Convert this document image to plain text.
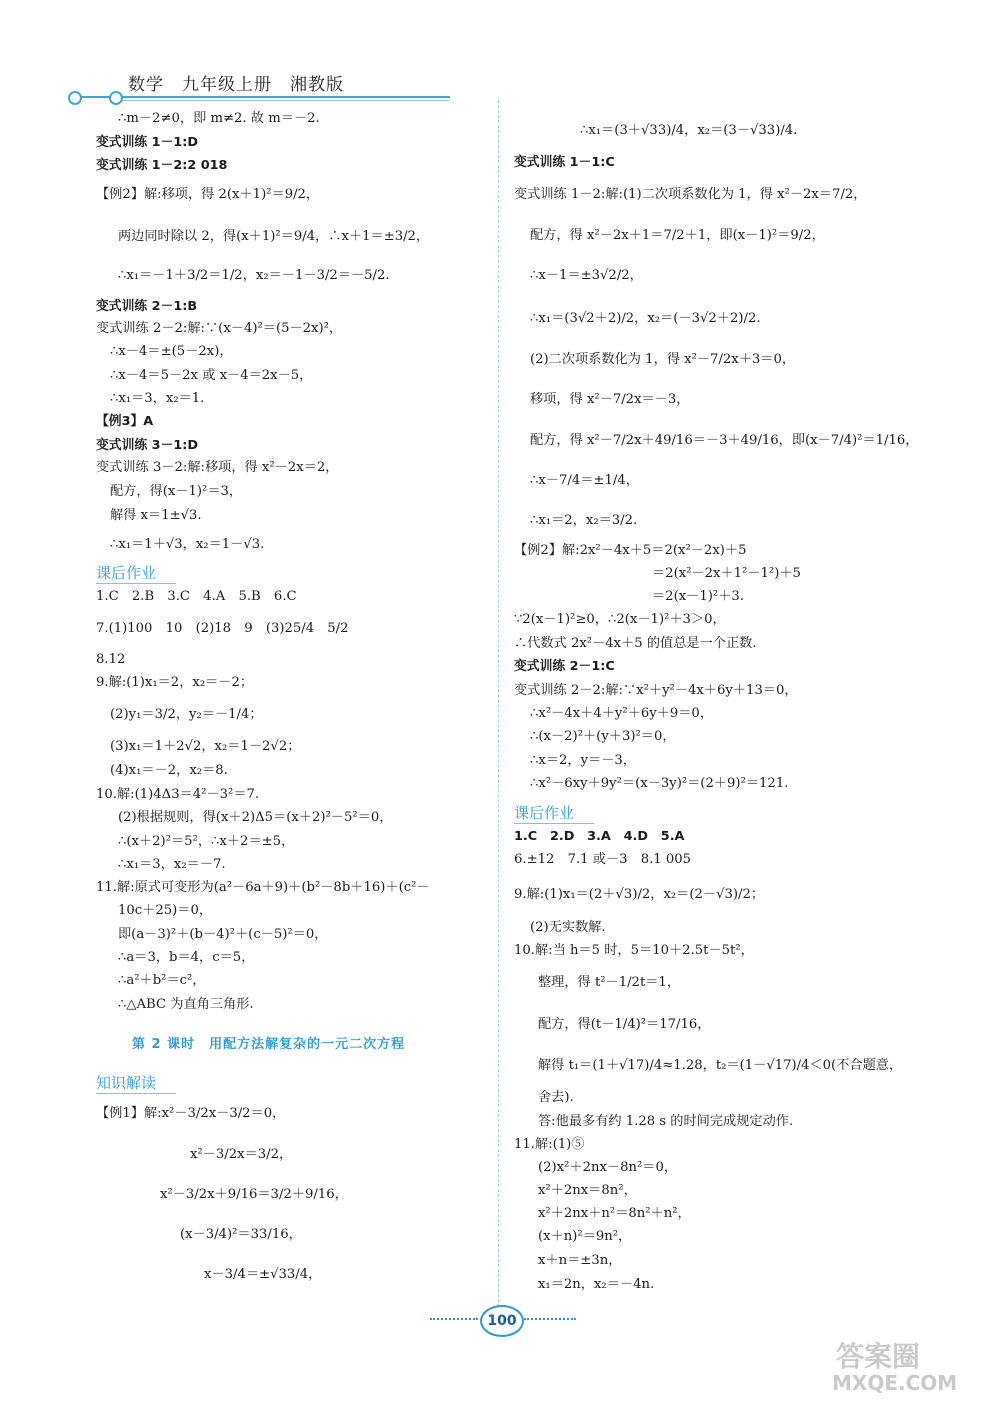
数学　九年级上册　湘教版
∴m－2≠0，即 m≠2. 故 m＝－2.
变式训练 1－1:D
变式训练 1－2:2 018
【例2】解:移项，得 2(x＋1)²＝9/2，
两边同时除以 2，得(x＋1)²＝9/4，∴x＋1＝±3/2，
∴x₁＝－1＋3/2＝1/2，x₂＝－1－3/2＝－5/2.
变式训练 2－1:B
变式训练 2－2:解:∵(x－4)²＝(5－2x)²，
∴x－4＝±(5－2x)，
∴x－4＝5－2x 或 x－4＝2x－5，
∴x₁＝3，x₂＝1.
【例3】A
变式训练 3－1:D
变式训练 3－2:解:移项，得 x²－2x＝2，
配方，得(x－1)²＝3，
解得 x＝1±√3.
∴x₁＝1＋√3，x₂＝1－√3.
课后作业
1.C　2.B　3.C　4.A　5.B　6.C
7.(1)100　10　(2)18　9　(3)25/4　5/2
8.12
9.解:(1)x₁＝2，x₂＝－2；
(2)y₁＝3/2，y₂＝－1/4；
(3)x₁＝1＋2√2，x₂＝1－2√2；
(4)x₁＝－2，x₂＝8.
10.解:(1)4Δ3＝4²－3²＝7.
(2)根据规则，得(x＋2)Δ5＝(x＋2)²－5²＝0，
∴(x＋2)²＝5²，∴x＋2＝±5，
∴x₁＝3，x₂＝－7.
11.解:原式可变形为(a²－6a＋9)＋(b²－8b＋16)＋(c²－
10c＋25)＝0，
即(a－3)²＋(b－4)²＋(c－5)²＝0，
∴a＝3，b＝4，c＝5，
∴a²＋b²＝c²，
∴△ABC 为直角三角形.
第 2 课时　用配方法解复杂的一元二次方程
知识解读
【例1】解:x²－3/2x－3/2＝0，
x²－3/2x＝3/2，
x²－3/2x＋9/16＝3/2＋9/16，
(x－3/4)²＝33/16，
x－3/4＝±√33/4，
∴x₁＝(3＋√33)/4，x₂＝(3－√33)/4.
变式训练 1－1:C
变式训练 1－2:解:(1)二次项系数化为 1，得 x²－2x＝7/2，
配方，得 x²－2x＋1＝7/2＋1，即(x－1)²＝9/2，
∴x－1＝±3√2/2，
∴x₁＝(3√2＋2)/2，x₂＝(－3√2＋2)/2.
(2)二次项系数化为 1，得 x²－7/2x＋3＝0，
移项，得 x²－7/2x＝－3，
配方，得 x²－7/2x＋49/16＝－3＋49/16，即(x－7/4)²＝1/16，
∴x－7/4＝±1/4，
∴x₁＝2，x₂＝3/2.
【例2】解:2x²－4x＋5＝2(x²－2x)＋5
＝2(x²－2x＋1²－1²)＋5
＝2(x－1)²＋3.
∵2(x－1)²≥0，∴2(x－1)²＋3＞0，
∴代数式 2x²－4x＋5 的值总是一个正数.
变式训练 2－1:C
变式训练 2－2:解:∵x²＋y²－4x＋6y＋13＝0，
∴x²－4x＋4＋y²＋6y＋9＝0，
∴(x－2)²＋(y＋3)²＝0，
∴x＝2，y＝－3，
∴x²－6xy＋9y²＝(x－3y)²＝(2＋9)²＝121.
课后作业
1.C　2.D　3.A　4.D　5.A
6.±12　7.1 或－3　8.1 005
9.解:(1)x₁＝(2＋√3)/2，x₂＝(2－√3)/2；
(2)无实数解.
10.解:当 h＝5 时，5＝10＋2.5t－5t²，
整理，得 t²－1/2t＝1，
配方，得(t－1/4)²＝17/16，
解得 t₁＝(1＋√17)/4≈1.28，t₂＝(1－√17)/4＜0(不合题意，
舍去).
答:他最多有约 1.28 s 的时间完成规定动作.
11.解:(1)⑤
(2)x²＋2nx－8n²＝0，
x²＋2nx＝8n²，
x²＋2nx＋n²＝8n²＋n²，
(x＋n)²＝9n²，
x＋n＝±3n，
x₁＝2n，x₂＝－4n.
100
答案圈
MXQE.COM
